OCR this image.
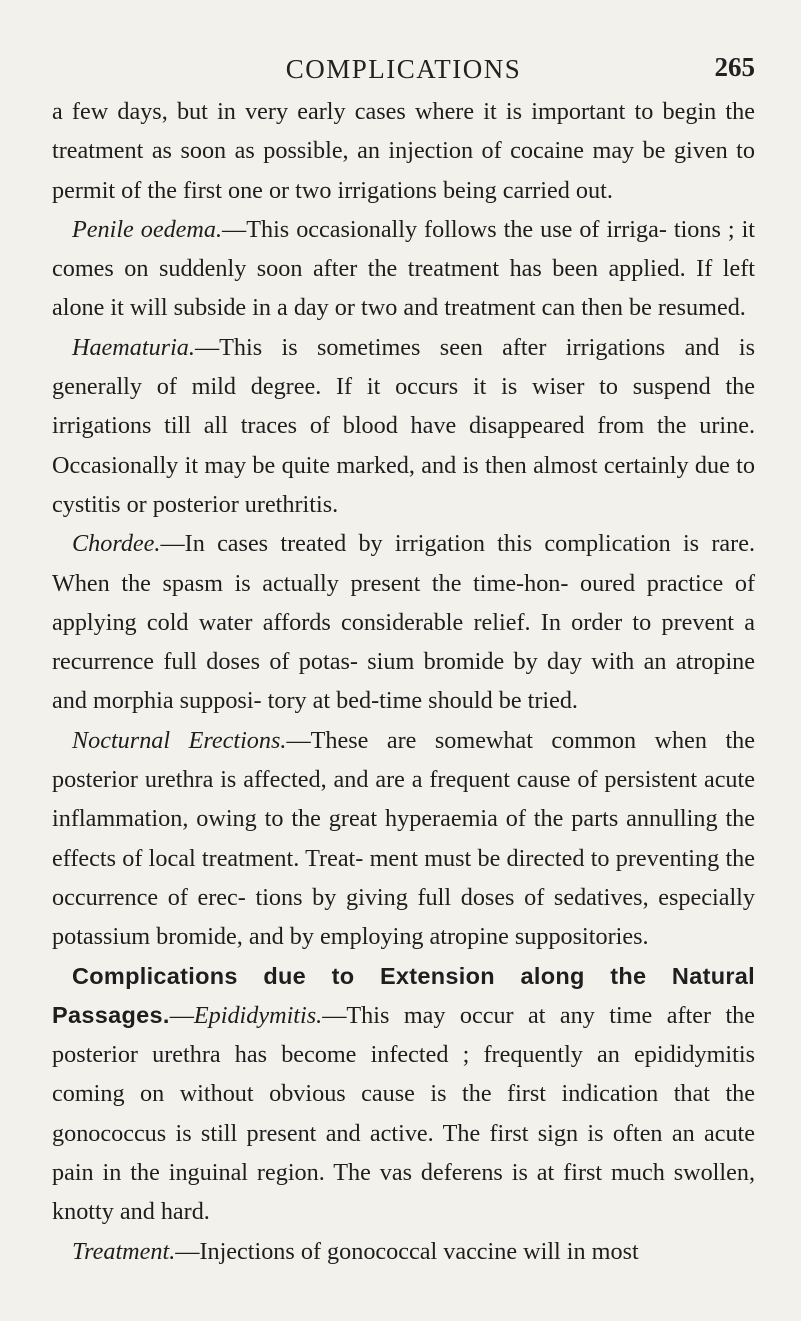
COMPLICATIONS	265

a few days, but in very early cases where it is important to begin the treatment as soon as possible, an injection of cocaine may be given to permit of the first one or two irrigations being carried out.

Penile oedema.—This occasionally follows the use of irriga- tions ; it comes on suddenly soon after the treatment has been applied. If left alone it will subside in a day or two and treatment can then be resumed.

Haematuria.—This is sometimes seen after irrigations and is generally of mild degree. If it occurs it is wiser to suspend the irrigations till all traces of blood have disappeared from the urine. Occasionally it may be quite marked, and is then almost certainly due to cystitis or posterior urethritis.

Chordee.—In cases treated by irrigation this complication is rare. When the spasm is actually present the time-hon- oured practice of applying cold water affords considerable relief. In order to prevent a recurrence full doses of potas- sium bromide by day with an atropine and morphia supposi- tory at bed-time should be tried.

Nocturnal Erections.—These are somewhat common when the posterior urethra is affected, and are a frequent cause of persistent acute inflammation, owing to the great hyperaemia of the parts annulling the effects of local treatment. Treat- ment must be directed to preventing the occurrence of erec- tions by giving full doses of sedatives, especially potassium bromide, and by employing atropine suppositories.

Complications due to Extension along the Natural Passages.—Epididymitis.—This may occur at any time after the posterior urethra has become infected ; frequently an epididymitis coming on without obvious cause is the first indication that the gonococcus is still present and active. The first sign is often an acute pain in the inguinal region. The vas deferens is at first much swollen, knotty and hard.

Treatment.—Injections of gonococcal vaccine will in most
